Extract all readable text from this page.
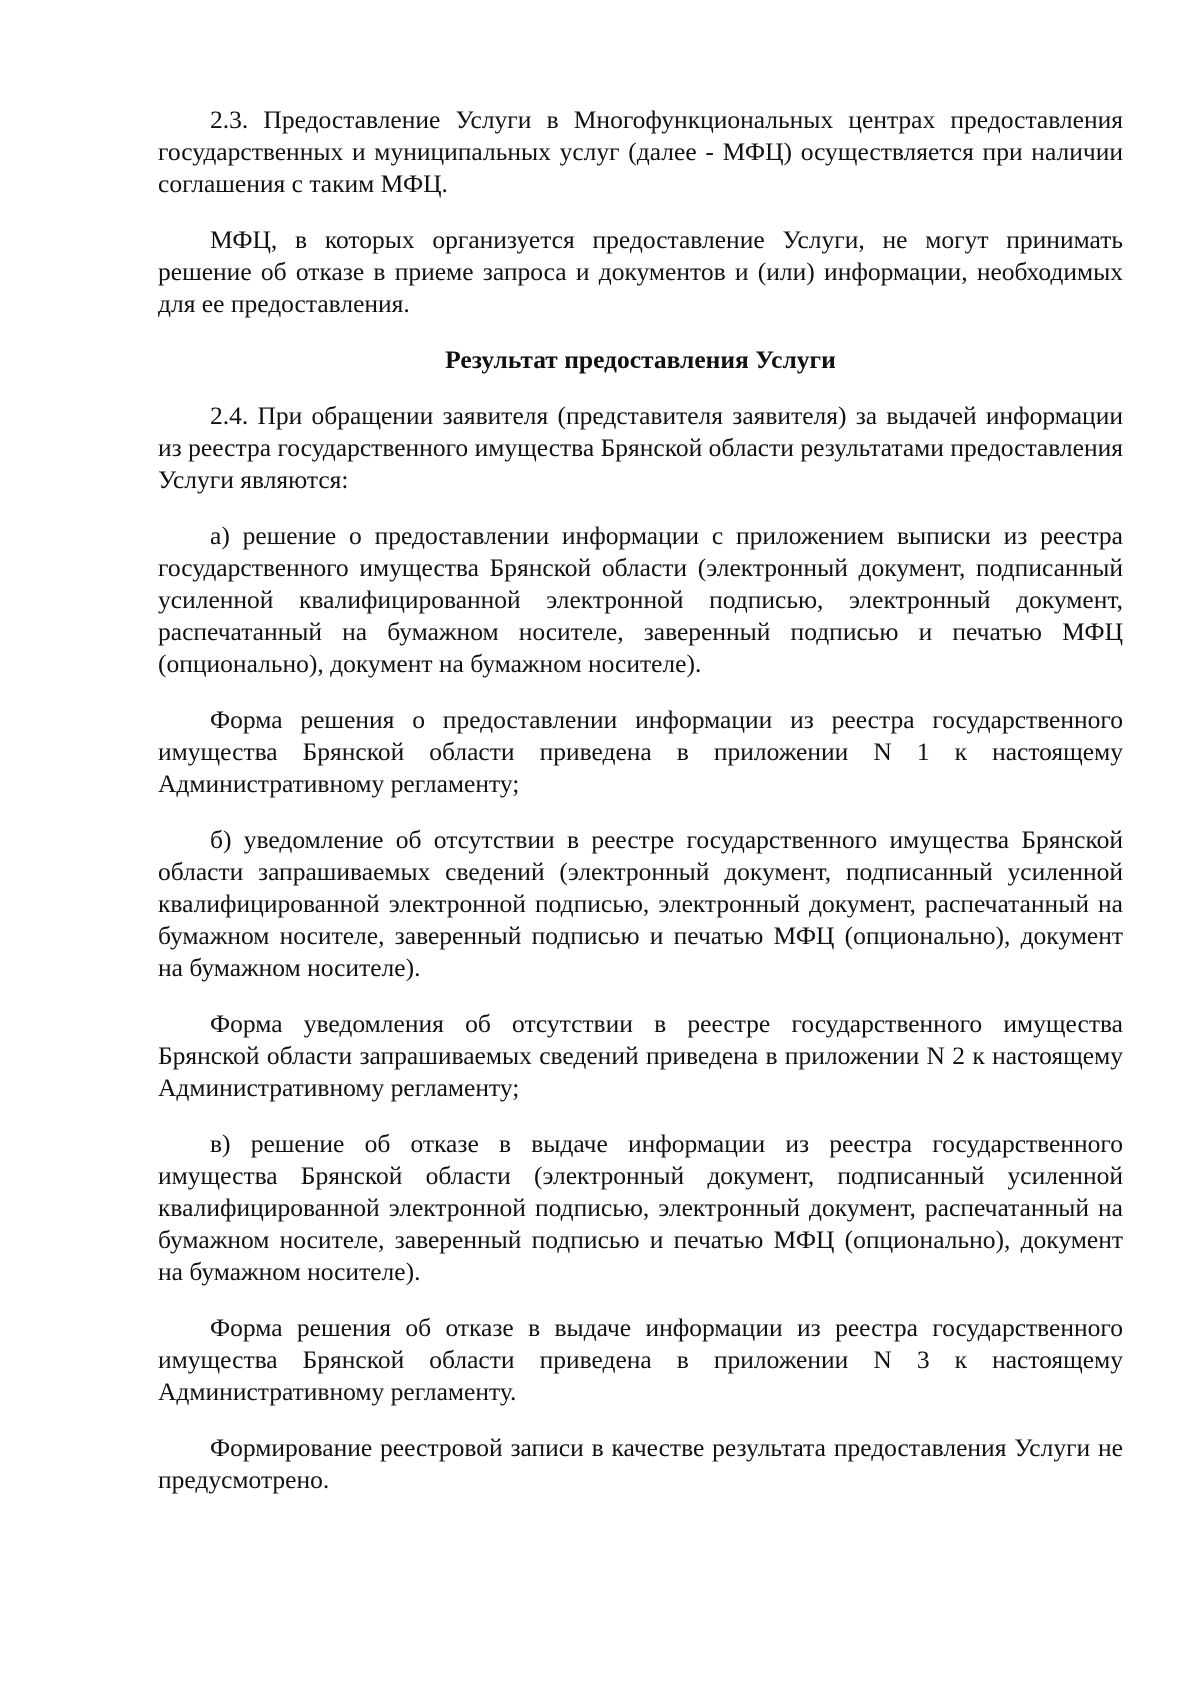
2.3. Предоставление Услуги в Многофункциональных центрах предоставления государственных и муниципальных услуг (далее - МФЦ) осуществляется при наличии соглашения с таким МФЦ.

МФЦ, в которых организуется предоставление Услуги, не могут принимать решение об отказе в приеме запроса и документов и (или) информации, необходимых для ее предоставления.

Результат предоставления Услуги

2.4. При обращении заявителя (представителя заявителя) за выдачей информации из реестра государственного имущества Брянской области результатами предоставления Услуги являются:

а) решение о предоставлении информации с приложением выписки из реестра государственного имущества Брянской области (электронный документ, подписанный усиленной квалифицированной электронной подписью, электронный документ, распечатанный на бумажном носителе, заверенный подписью и печатью МФЦ (опционально), документ на бумажном носителе).

Форма решения о предоставлении информации из реестра государственного имущества Брянской области приведена в приложении N 1 к настоящему Административному регламенту;

б) уведомление об отсутствии в реестре государственного имущества Брянской области запрашиваемых сведений (электронный документ, подписанный усиленной квалифицированной электронной подписью, электронный документ, распечатанный на бумажном носителе, заверенный подписью и печатью МФЦ (опционально), документ на бумажном носителе).

Форма уведомления об отсутствии в реестре государственного имущества Брянской области запрашиваемых сведений приведена в приложении N 2 к настоящему Административному регламенту;

в) решение об отказе в выдаче информации из реестра государственного имущества Брянской области (электронный документ, подписанный усиленной квалифицированной электронной подписью, электронный документ, распечатанный на бумажном носителе, заверенный подписью и печатью МФЦ (опционально), документ на бумажном носителе).

Форма решения об отказе в выдаче информации из реестра государственного имущества Брянской области приведена в приложении N 3 к настоящему Административному регламенту.

Формирование реестровой записи в качестве результата предоставления Услуги не предусмотрено.
